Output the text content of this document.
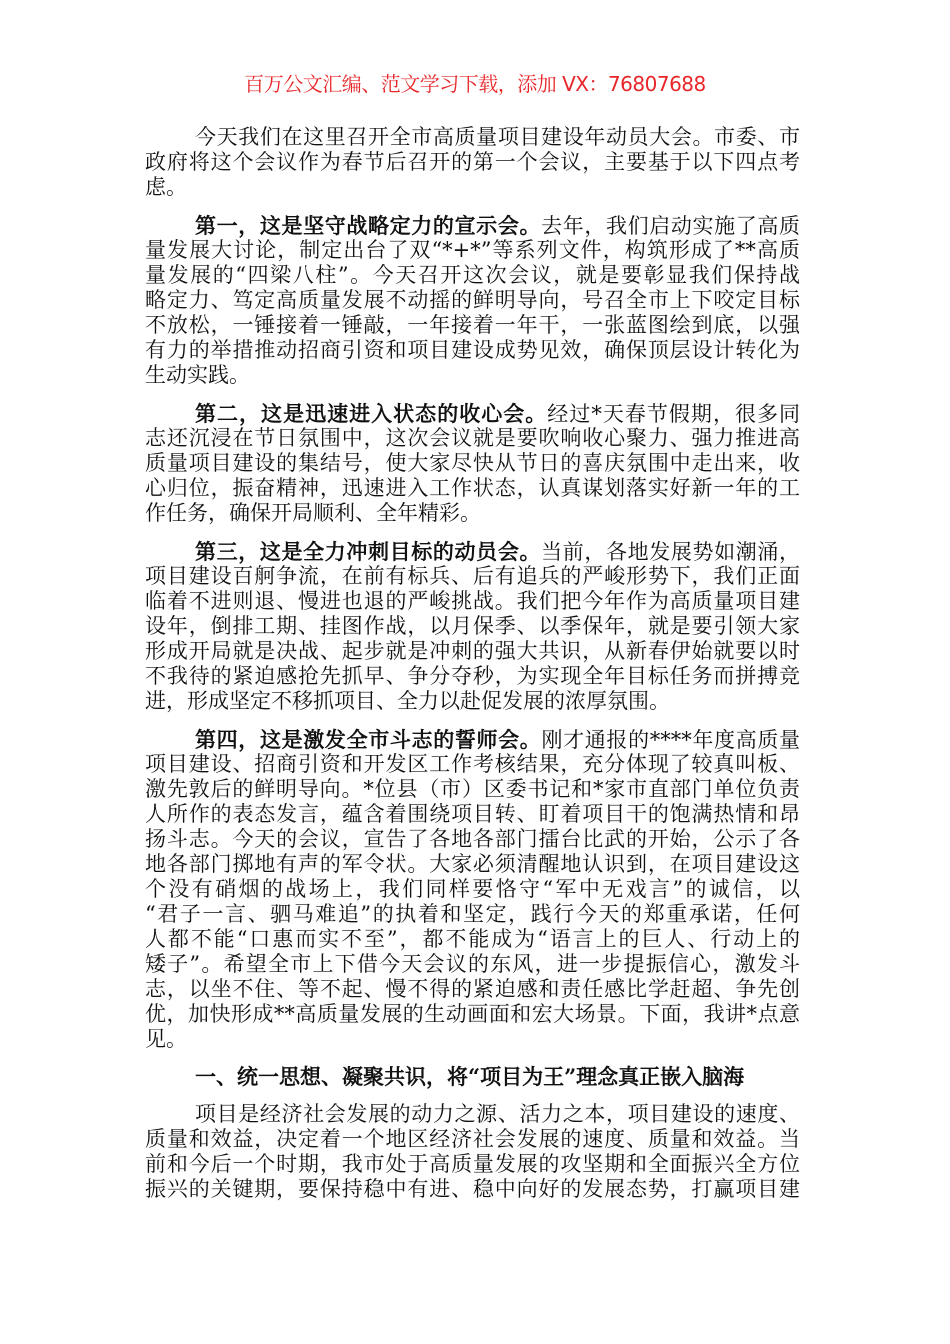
百万公文汇编、范文学习下载，添加 VX：76807688
今天我们在这里召开全市高质量项目建设年动员大会。市委、市
政府将这个会议作为春节后召开的第一个会议，主要基于以下四点考
虑。
第一，这是坚守战略定力的宣示会。去年，我们启动实施了高质
量发展大讨论，制定出台了双“*+*”等系列文件，构筑形成了**高质
量发展的“四梁八柱”。今天召开这次会议，就是要彰显我们保持战
略定力、笃定高质量发展不动摇的鲜明导向，号召全市上下咬定目标
不放松，一锤接着一锤敲，一年接着一年干，一张蓝图绘到底，以强
有力的举措推动招商引资和项目建设成势见效，确保顶层设计转化为
生动实践。
第二，这是迅速进入状态的收心会。经过*天春节假期，很多同
志还沉浸在节日氛围中，这次会议就是要吹响收心聚力、强力推进高
质量项目建设的集结号，使大家尽快从节日的喜庆氛围中走出来，收
心归位，振奋精神，迅速进入工作状态，认真谋划落实好新一年的工
作任务，确保开局顺利、全年精彩。
第三，这是全力冲刺目标的动员会。当前，各地发展势如潮涌，
项目建设百舸争流，在前有标兵、后有追兵的严峻形势下，我们正面
临着不进则退、慢进也退的严峻挑战。我们把今年作为高质量项目建
设年，倒排工期、挂图作战，以月保季、以季保年，就是要引领大家
形成开局就是决战、起步就是冲刺的强大共识，从新春伊始就要以时
不我待的紧迫感抢先抓早、争分夺秒，为实现全年目标任务而拼搏竞
进，形成坚定不移抓项目、全力以赴促发展的浓厚氛围。
第四，这是激发全市斗志的誓师会。刚才通报的****年度高质量
项目建设、招商引资和开发区工作考核结果，充分体现了较真叫板、
激先敦后的鲜明导向。*位县（市）区委书记和*家市直部门单位负责
人所作的表态发言，蕴含着围绕项目转、盯着项目干的饱满热情和昂
扬斗志。今天的会议，宣告了各地各部门擂台比武的开始，公示了各
地各部门掷地有声的军令状。大家必须清醒地认识到，在项目建设这
个没有硝烟的战场上，我们同样要恪守“军中无戏言”的诚信，以
“君子一言、驷马难追”的执着和坚定，践行今天的郑重承诺，任何
人都不能“口惠而实不至”，都不能成为“语言上的巨人、行动上的
矮子”。希望全市上下借今天会议的东风，进一步提振信心，激发斗
志，以坐不住、等不起、慢不得的紧迫感和责任感比学赶超、争先创
优，加快形成**高质量发展的生动画面和宏大场景。下面，我讲*点意
见。
一、统一思想、凝聚共识，将“项目为王”理念真正嵌入脑海
项目是经济社会发展的动力之源、活力之本，项目建设的速度、
质量和效益，决定着一个地区经济社会发展的速度、质量和效益。当
前和今后一个时期，我市处于高质量发展的攻坚期和全面振兴全方位
振兴的关键期，要保持稳中有进、稳中向好的发展态势，打赢项目建
